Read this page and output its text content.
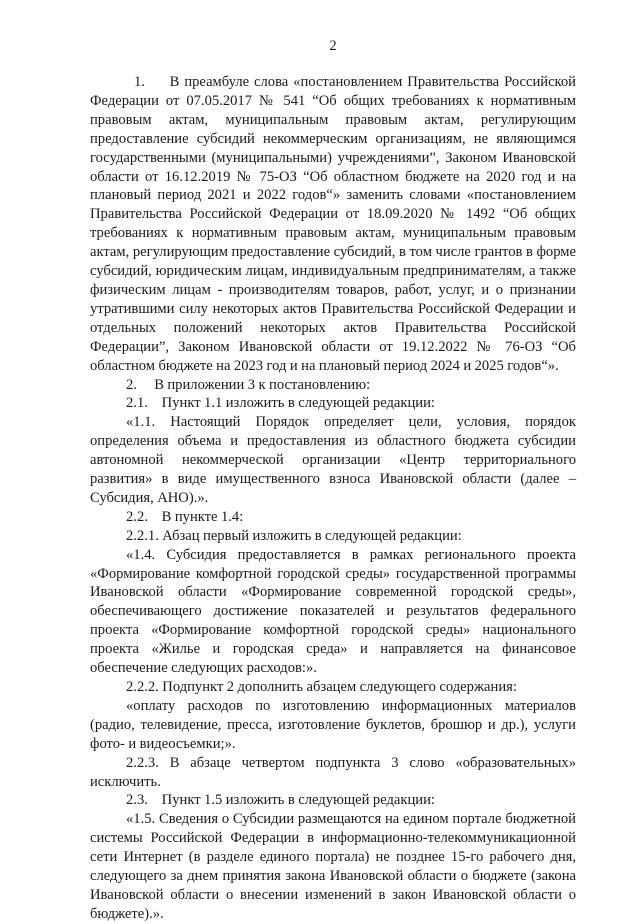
2

1.     В преамбуле слова «постановлением Правительства Российской Федерации от 07.05.2017 № 541 “Об общих требованиях к нормативным правовым актам, муниципальным правовым актам, регулирующим предоставление субсидий некоммерческим организациям, не являющимся государственными (муниципальными) учреждениями”, Законом Ивановской области от 16.12.2019 № 75-ОЗ “Об областном бюджете на 2020 год и на плановый период 2021 и 2022 годов“» заменить словами «постановлением Правительства Российской Федерации от 18.09.2020 № 1492 “Об общих требованиях к нормативным правовым актам, муниципальным правовым актам, регулирующим предоставление субсидий, в том числе грантов в форме субсидий, юридическим лицам, индивидуальным предпринимателям, а также физическим лицам - производителям товаров, работ, услуг, и о признании утратившими силу некоторых актов Правительства Российской Федерации и отдельных положений некоторых актов Правительства Российской Федерации”, Законом Ивановской области от 19.12.2022 № 76-ОЗ “Об областном бюджете на 2023 год и на плановый период 2024 и 2025 годов“».

2.     В приложении 3 к постановлению:

2.1.    Пункт 1.1 изложить в следующей редакции:

«1.1. Настоящий Порядок определяет цели, условия, порядок определения объема и предоставления из областного бюджета субсидии автономной некоммерческой организации «Центр территориального развития» в виде имущественного взноса Ивановской области (далее – Субсидия, АНО).».

2.2.    В пункте 1.4:

2.2.1. Абзац первый изложить в следующей редакции:

«1.4. Субсидия предоставляется в рамках регионального проекта «Формирование комфортной городской среды» государственной программы Ивановской области «Формирование современной городской среды», обеспечивающего достижение показателей и результатов федерального проекта «Формирование комфортной городской среды» национального проекта «Жилье и городская среда» и направляется на финансовое обеспечение следующих расходов:».

2.2.2. Подпункт 2 дополнить абзацем следующего содержания:

«оплату расходов по изготовлению информационных материалов (радио, телевидение, пресса, изготовление буклетов, брошюр и др.), услуги фото- и видеосъемки;».

2.2.3. В абзаце четвертом подпункта 3 слово «образовательных» исключить.

2.3.    Пункт 1.5 изложить в следующей редакции:

«1.5. Сведения о Субсидии размещаются на едином портале бюджетной системы Российской Федерации в информационно-телекоммуникационной сети Интернет (в разделе единого портала) не позднее 15-го рабочего дня, следующего за днем принятия закона Ивановской области о бюджете (закона Ивановской области о внесении изменений в закон Ивановской области о бюджете).».
